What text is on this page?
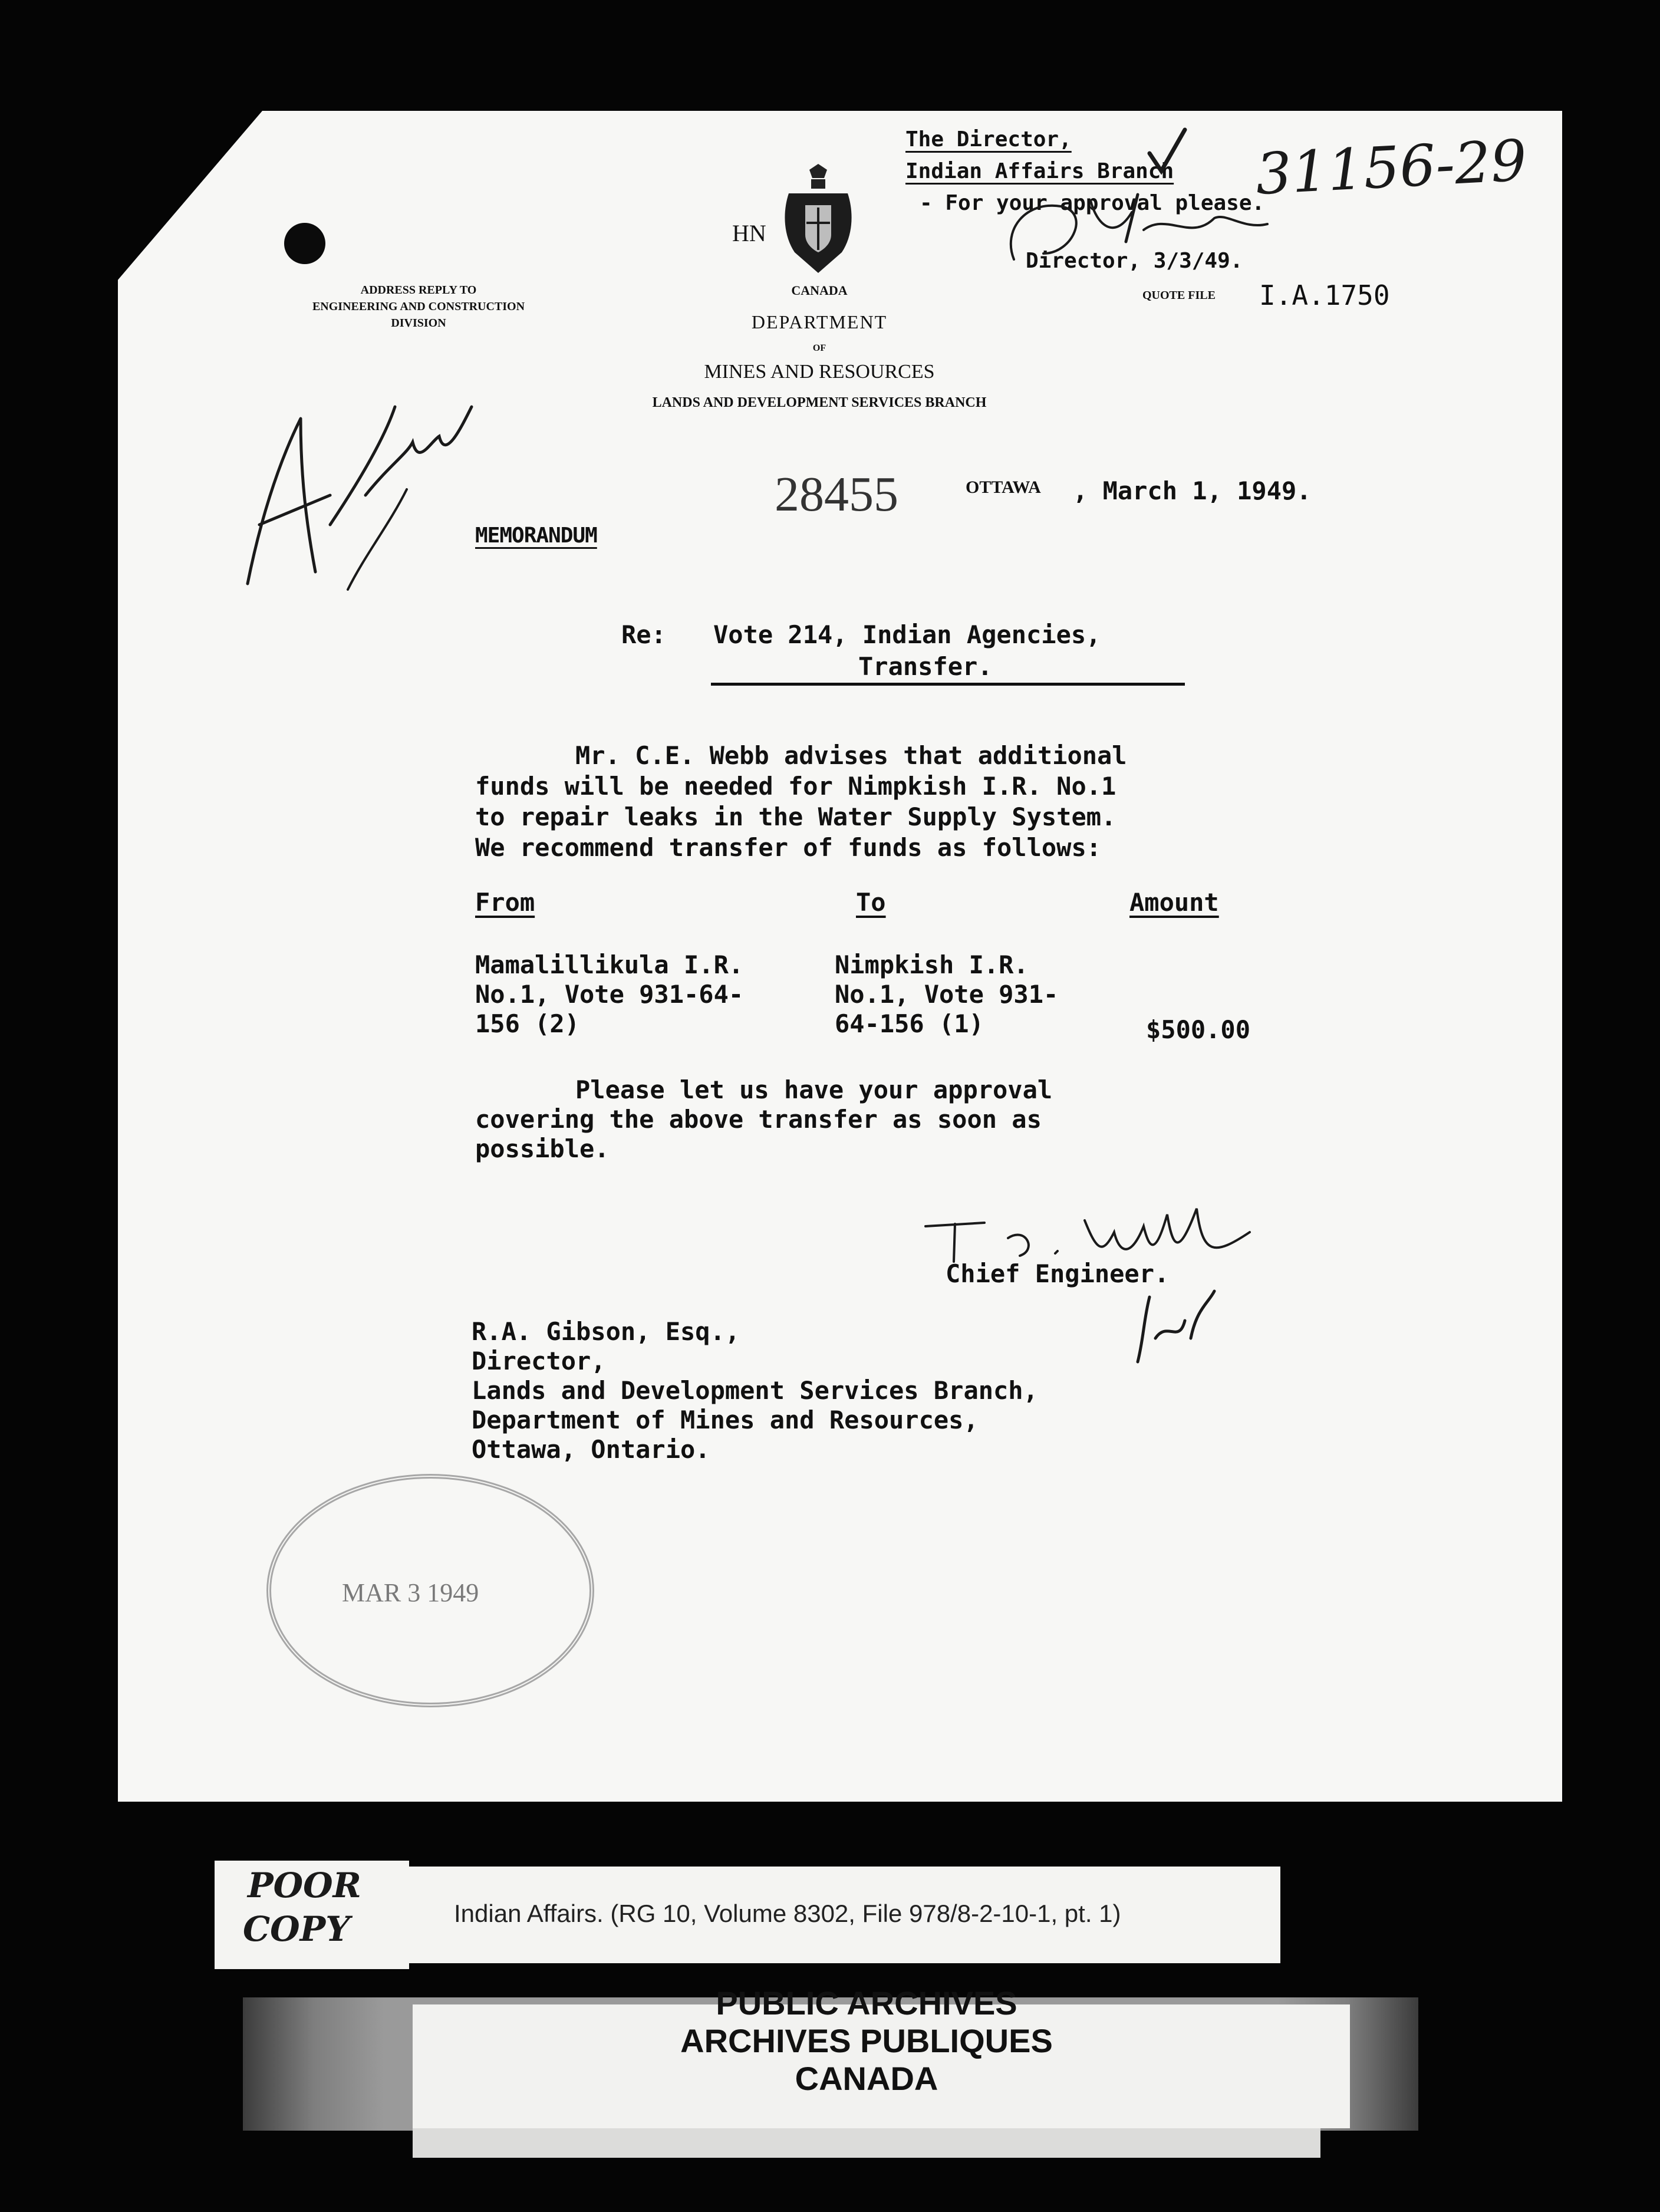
ADDRESS REPLY TO
ENGINEERING AND CONSTRUCTION
DIVISION
HN
CANADA
DEPARTMENT
OF
MINES AND RESOURCES
LANDS AND DEVELOPMENT SERVICES BRANCH
The Director,
Indian Affairs Branch
- For your approval please.
Director, 3/3/49.
31156-29
QUOTE FILE I.A.1750
28455	OTTAWA , March 1, 1949.
MEMORANDUM
Re: Vote 214, Indian Agencies,
Transfer.
Mr. C.E. Webb advises that additional
funds will be needed for Nimpkish I.R. No.1
to repair leaks in the Water Supply System.
We recommend transfer of funds as follows:
From	To	Amount
Mamalillikula I.R.
No.1, Vote 931-64-
156 (2)
Nimpkish I.R.
No.1, Vote 931-
64-156 (1)	$500.00
Please let us have your approval
covering the above transfer as soon as
possible.
Chief Engineer.
R.A. Gibson, Esq.,
Director,
Lands and Development Services Branch,
Department of Mines and Resources,
Ottawa, Ontario.
MAR 3 1949
POOR
COPY	Indian Affairs. (RG 10, Volume 8302, File 978/8-2-10-1, pt. 1)
PUBLIC ARCHIVES
ARCHIVES PUBLIQUES
CANADA
